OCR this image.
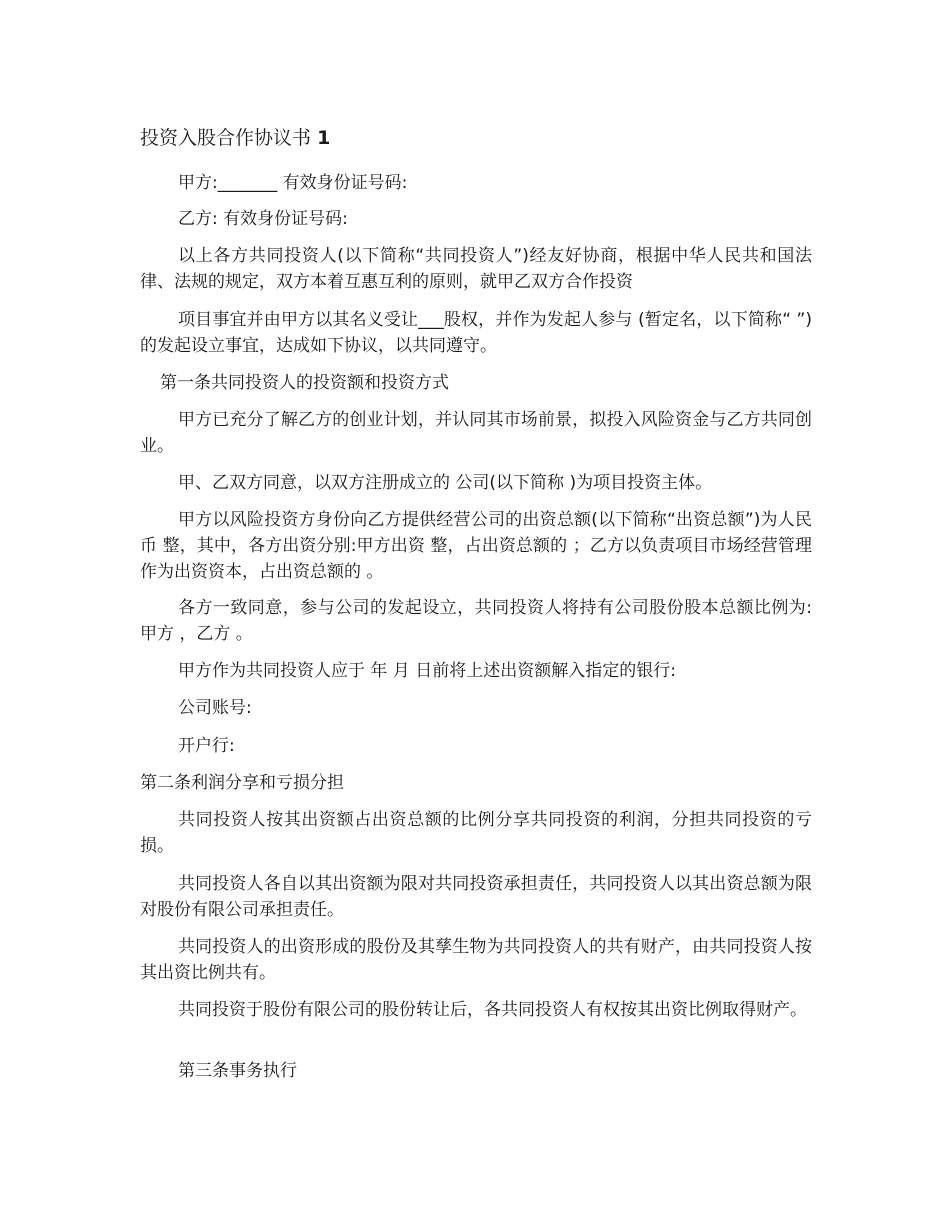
投资入股合作协议书 1

甲方:_______ 有效身份证号码:

乙方: 有效身份证号码:

以上各方共同投资人(以下简称“共同投资人”)经友好协商，根据中华人民共和国法律、法规的规定，双方本着互惠互利的原则，就甲乙双方合作投资

项目事宜并由甲方以其名义受让___股权，并作为发起人参与 (暂定名，以下简称“ ”)的发起设立事宜，达成如下协议，以共同遵守。

第一条共同投资人的投资额和投资方式

甲方已充分了解乙方的创业计划，并认同其市场前景，拟投入风险资金与乙方共同创业。

甲、乙双方同意，以双方注册成立的 公司(以下简称 )为项目投资主体。

甲方以风险投资方身份向乙方提供经营公司的出资总额(以下简称“出资总额”)为人民币 整，其中，各方出资分别:甲方出资 整，占出资总额的 ；乙方以负责项目市场经营管理作为出资资本，占出资总额的 。

各方一致同意，参与公司的发起设立，共同投资人将持有公司股份股本总额比例为:甲方 ，乙方 。

甲方作为共同投资人应于 年 月 日前将上述出资额解入指定的银行:

公司账号:

开户行:

第二条利润分享和亏损分担

共同投资人按其出资额占出资总额的比例分享共同投资的利润，分担共同投资的亏损。

共同投资人各自以其出资额为限对共同投资承担责任，共同投资人以其出资总额为限对股份有限公司承担责任。

共同投资人的出资形成的股份及其孳生物为共同投资人的共有财产，由共同投资人按其出资比例共有。

共同投资于股份有限公司的股份转让后，各共同投资人有权按其出资比例取得财产。

第三条事务执行
